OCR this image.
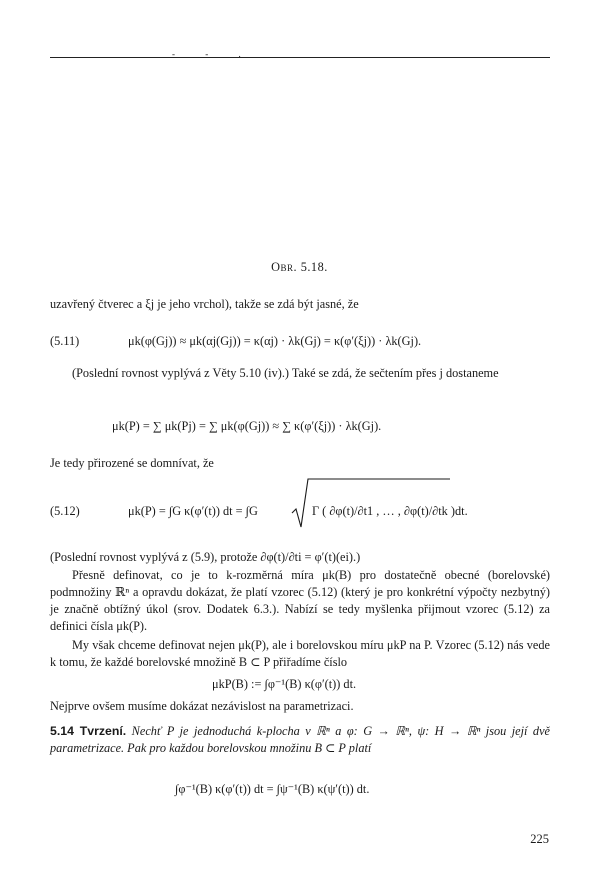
- - .
Obr. 5.18.
uzavřený čtverec a ξj je jeho vrchol), takže se zdá být jasné, že
(5.11)	μk(φ(Gj)) ≈ μk(αj(Gj)) = κ(αj) · λk(Gj) = κ(φ′(ξj)) · λk(Gj).
(Poslední rovnost vyplývá z Věty 5.10 (iv).) Také se zdá, že sečtením přes j dostaneme
μk(P) = ∑ μk(Pj) = ∑ μk(φ(Gj)) ≈ ∑ κ(φ′(ξj)) · λk(Gj).
Je tedy přirozené se domnívat, že
(5.12)	μk(P) = ∫G κ(φ′(t)) dt = ∫G	Γ ( ∂φ(t)/∂t1 , … , ∂φ(t)/∂tk ) dt.
(Poslední rovnost vyplývá z (5.9), protože ∂φ(t)/∂ti = φ′(t)(ei).)
Přesně definovat, co je to k-rozměrná míra μk(B) pro dostatečně obecné (borelovské) podmnožiny ℝⁿ a opravdu dokázat, že platí vzorec (5.12) (který je pro konkrétní výpočty nezbytný) je značně obtížný úkol (srov. Dodatek 6.3.). Nabízí se tedy myšlenka přijmout vzorec (5.12) za definici čísla μk(P).
My však chceme definovat nejen μk(P), ale i borelovskou míru μkP na P. Vzorec (5.12) nás vede k tomu, že každé borelovské množině B ⊂ P přiřadíme číslo
μkP(B) := ∫φ⁻¹(B) κ(φ′(t)) dt.
Nejprve ovšem musíme dokázat nezávislost na parametrizaci.
5.14 Tvrzení. Nechť P je jednoduchá k-plocha v ℝⁿ a φ: G → ℝⁿ, ψ: H → ℝⁿ jsou její dvě parametrizace. Pak pro každou borelovskou množinu B ⊂ P platí
∫φ⁻¹(B) κ(φ′(t)) dt = ∫ψ⁻¹(B) κ(ψ′(t)) dt.
225
